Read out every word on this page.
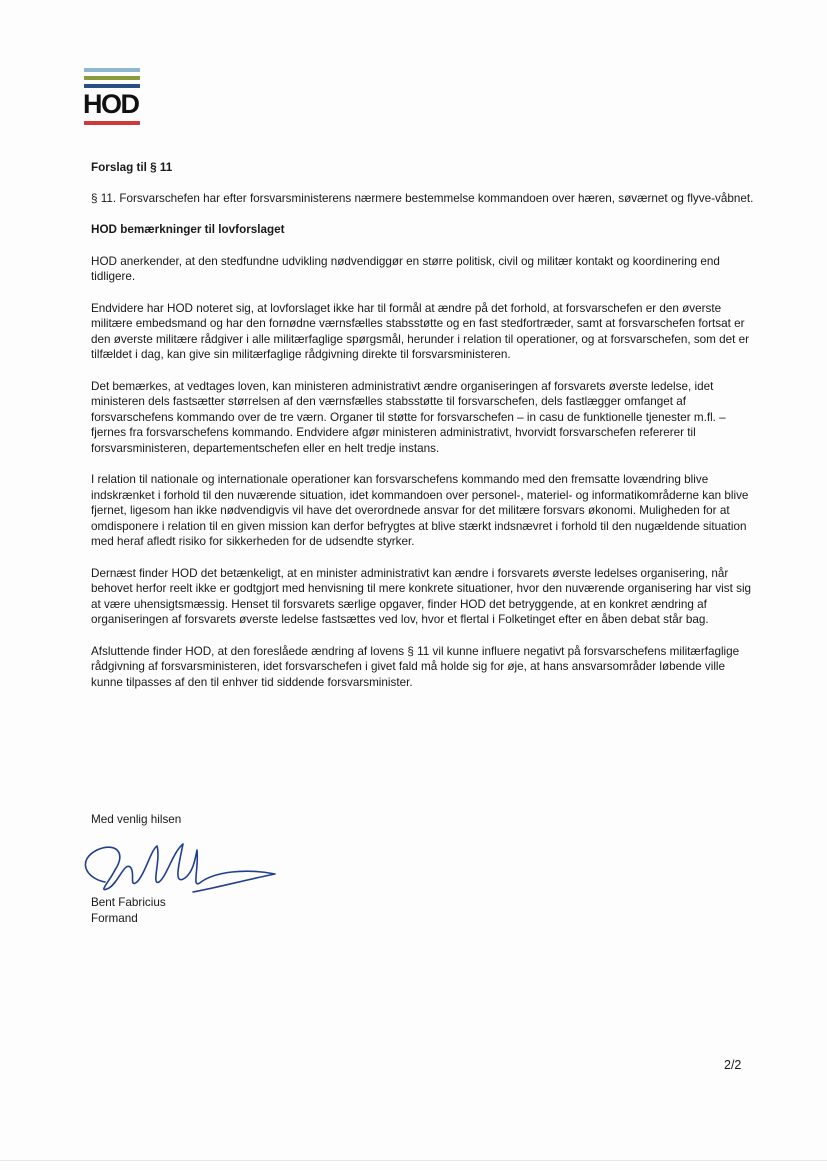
HOD
Forslag til § 11
§ 11. Forsvarschefen har efter forsvarsministerens nærmere bestemmelse kommandoen over hæren, søværnet og flyve-våbnet.
HOD bemærkninger til lovforslaget
HOD anerkender, at den stedfundne udvikling nødvendiggør en større politisk, civil og militær kontakt og koordinering end tidligere.
Endvidere har HOD noteret sig, at lovforslaget ikke har til formål at ændre på det forhold, at forsvarschefen er den øverste militære embedsmand og har den fornødne værnsfælles stabsstøtte og en fast stedfortræder, samt at forsvarschefen fortsat er den øverste militære rådgiver i alle militærfaglige spørgsmål, herunder i relation til operationer, og at forsvarschefen, som det er tilfældet i dag, kan give sin militærfaglige rådgivning direkte til forsvarsministeren.
Det bemærkes, at vedtages loven, kan ministeren administrativt ændre organiseringen af forsvarets øverste ledelse, idet ministeren dels fastsætter størrelsen af den værnsfælles stabsstøtte til forsvarschefen, dels fastlægger omfanget af forsvarschefens kommando over de tre værn. Organer til støtte for forsvarschefen – in casu de funktionelle tjenester m.fl. – fjernes fra forsvarschefens kommando. Endvidere afgør ministeren administrativt, hvorvidt forsvarschefen refererer til forsvarsministeren, departementschefen eller en helt tredje instans.
I relation til nationale og internationale operationer kan forsvarschefens kommando med den fremsatte lovændring blive indskrænket i forhold til den nuværende situation, idet kommandoen over personel-, materiel- og informatikområderne kan blive fjernet, ligesom han ikke nødvendigvis vil have det overordnede ansvar for det militære forsvars økonomi. Muligheden for at omdisponere i relation til en given mission kan derfor befrygtes at blive stærkt indsnævret i forhold til den nugældende situation med heraf afledt risiko for sikkerheden for de udsendte styrker.
Dernæst finder HOD det betænkeligt, at en minister administrativt kan ændre i forsvarets øverste ledelses organisering, når behovet herfor reelt ikke er godtgjort med henvisning til mere konkrete situationer, hvor den nuværende organisering har vist sig at være uhensigtsmæssig. Henset til forsvarets særlige opgaver, finder HOD det betryggende, at en konkret ændring af organiseringen af forsvarets øverste ledelse fastsættes ved lov, hvor et flertal i Folketinget efter en åben debat står bag.
Afsluttende finder HOD, at den foreslåede ændring af lovens § 11 vil kunne influere negativt på forsvarschefens militærfaglige rådgivning af forsvarsministeren, idet forsvarschefen i givet fald må holde sig for øje, at hans ansvarsområder løbende ville kunne tilpasses af den til enhver tid siddende forsvarsminister.
Med venlig hilsen
Bent Fabricius
Formand
2/2
